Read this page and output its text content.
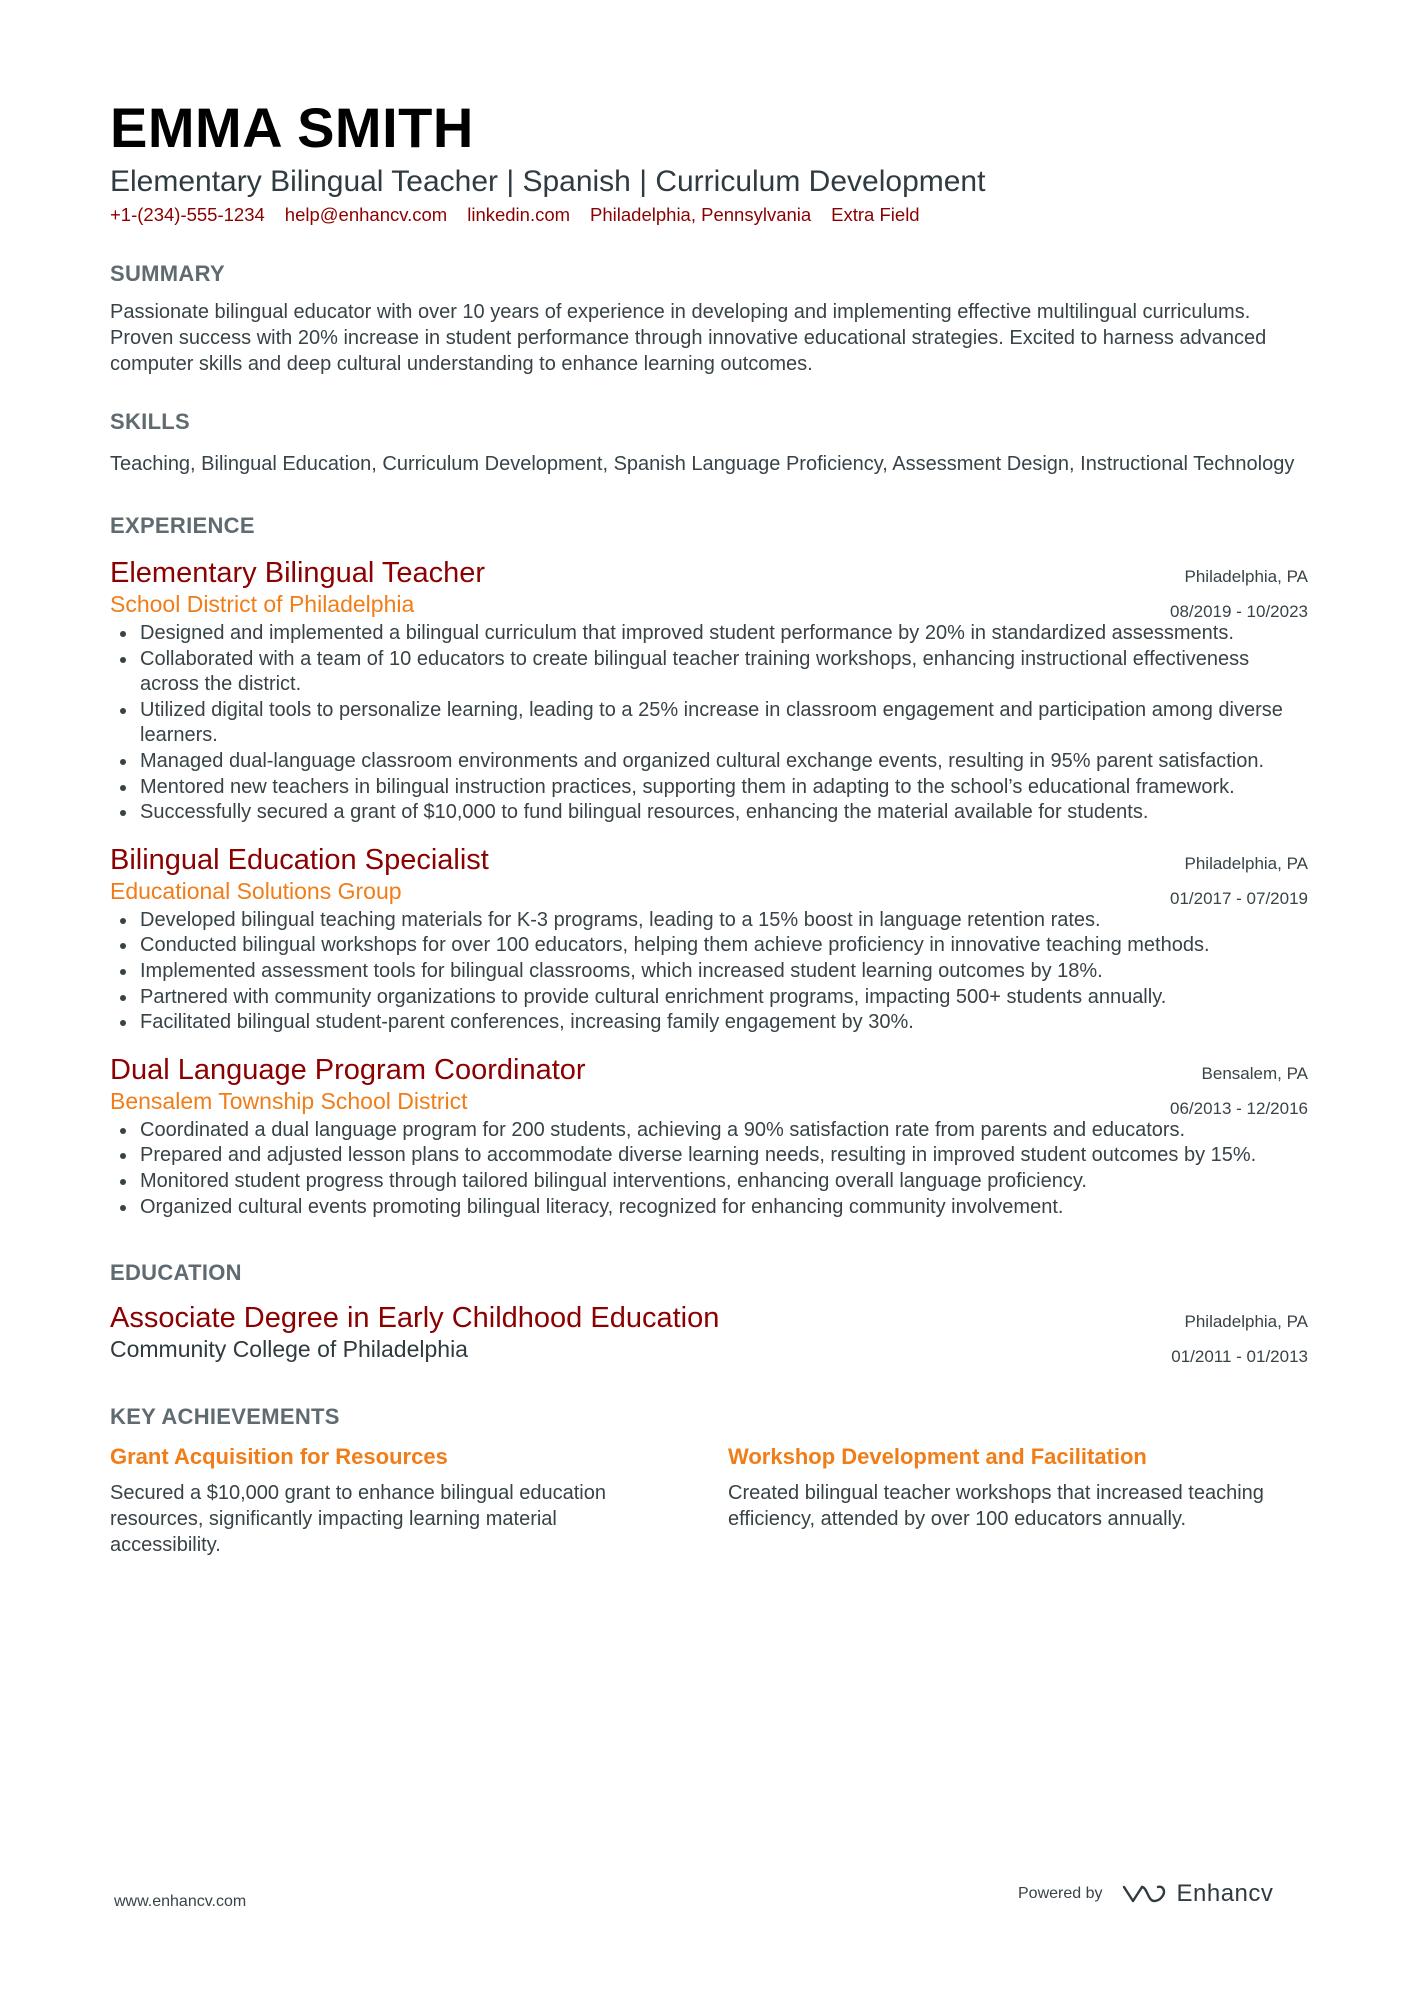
EMMA SMITH
Elementary Bilingual Teacher | Spanish | Curriculum Development
+1-(234)-555-1234 help@enhancv.com linkedin.com Philadelphia, Pennsylvania Extra Field
SUMMARY
Passionate bilingual educator with over 10 years of experience in developing and implementing effective multilingual curriculums. Proven success with 20% increase in student performance through innovative educational strategies. Excited to harness advanced computer skills and deep cultural understanding to enhance learning outcomes.
SKILLS
Teaching, Bilingual Education, Curriculum Development, Spanish Language Proficiency, Assessment Design, Instructional Technology
EXPERIENCE
Elementary Bilingual Teacher
School District of Philadelphia
Philadelphia, PA
08/2019 - 10/2023
• Designed and implemented a bilingual curriculum that improved student performance by 20% in standardized assessments.
• Collaborated with a team of 10 educators to create bilingual teacher training workshops, enhancing instructional effectiveness across the district.
• Utilized digital tools to personalize learning, leading to a 25% increase in classroom engagement and participation among diverse learners.
• Managed dual-language classroom environments and organized cultural exchange events, resulting in 95% parent satisfaction.
• Mentored new teachers in bilingual instruction practices, supporting them in adapting to the school’s educational framework.
• Successfully secured a grant of $10,000 to fund bilingual resources, enhancing the material available for students.
Bilingual Education Specialist
Educational Solutions Group
Philadelphia, PA
01/2017 - 07/2019
• Developed bilingual teaching materials for K-3 programs, leading to a 15% boost in language retention rates.
• Conducted bilingual workshops for over 100 educators, helping them achieve proficiency in innovative teaching methods.
• Implemented assessment tools for bilingual classrooms, which increased student learning outcomes by 18%.
• Partnered with community organizations to provide cultural enrichment programs, impacting 500+ students annually.
• Facilitated bilingual student-parent conferences, increasing family engagement by 30%.
Dual Language Program Coordinator
Bensalem Township School District
Bensalem, PA
06/2013 - 12/2016
• Coordinated a dual language program for 200 students, achieving a 90% satisfaction rate from parents and educators.
• Prepared and adjusted lesson plans to accommodate diverse learning needs, resulting in improved student outcomes by 15%.
• Monitored student progress through tailored bilingual interventions, enhancing overall language proficiency.
• Organized cultural events promoting bilingual literacy, recognized for enhancing community involvement.
EDUCATION
Associate Degree in Early Childhood Education
Community College of Philadelphia
Philadelphia, PA
01/2011 - 01/2013
KEY ACHIEVEMENTS
Grant Acquisition for Resources
Secured a $10,000 grant to enhance bilingual education resources, significantly impacting learning material accessibility.
Workshop Development and Facilitation
Created bilingual teacher workshops that increased teaching efficiency, attended by over 100 educators annually.
www.enhancv.com	Powered by	Enhancv
